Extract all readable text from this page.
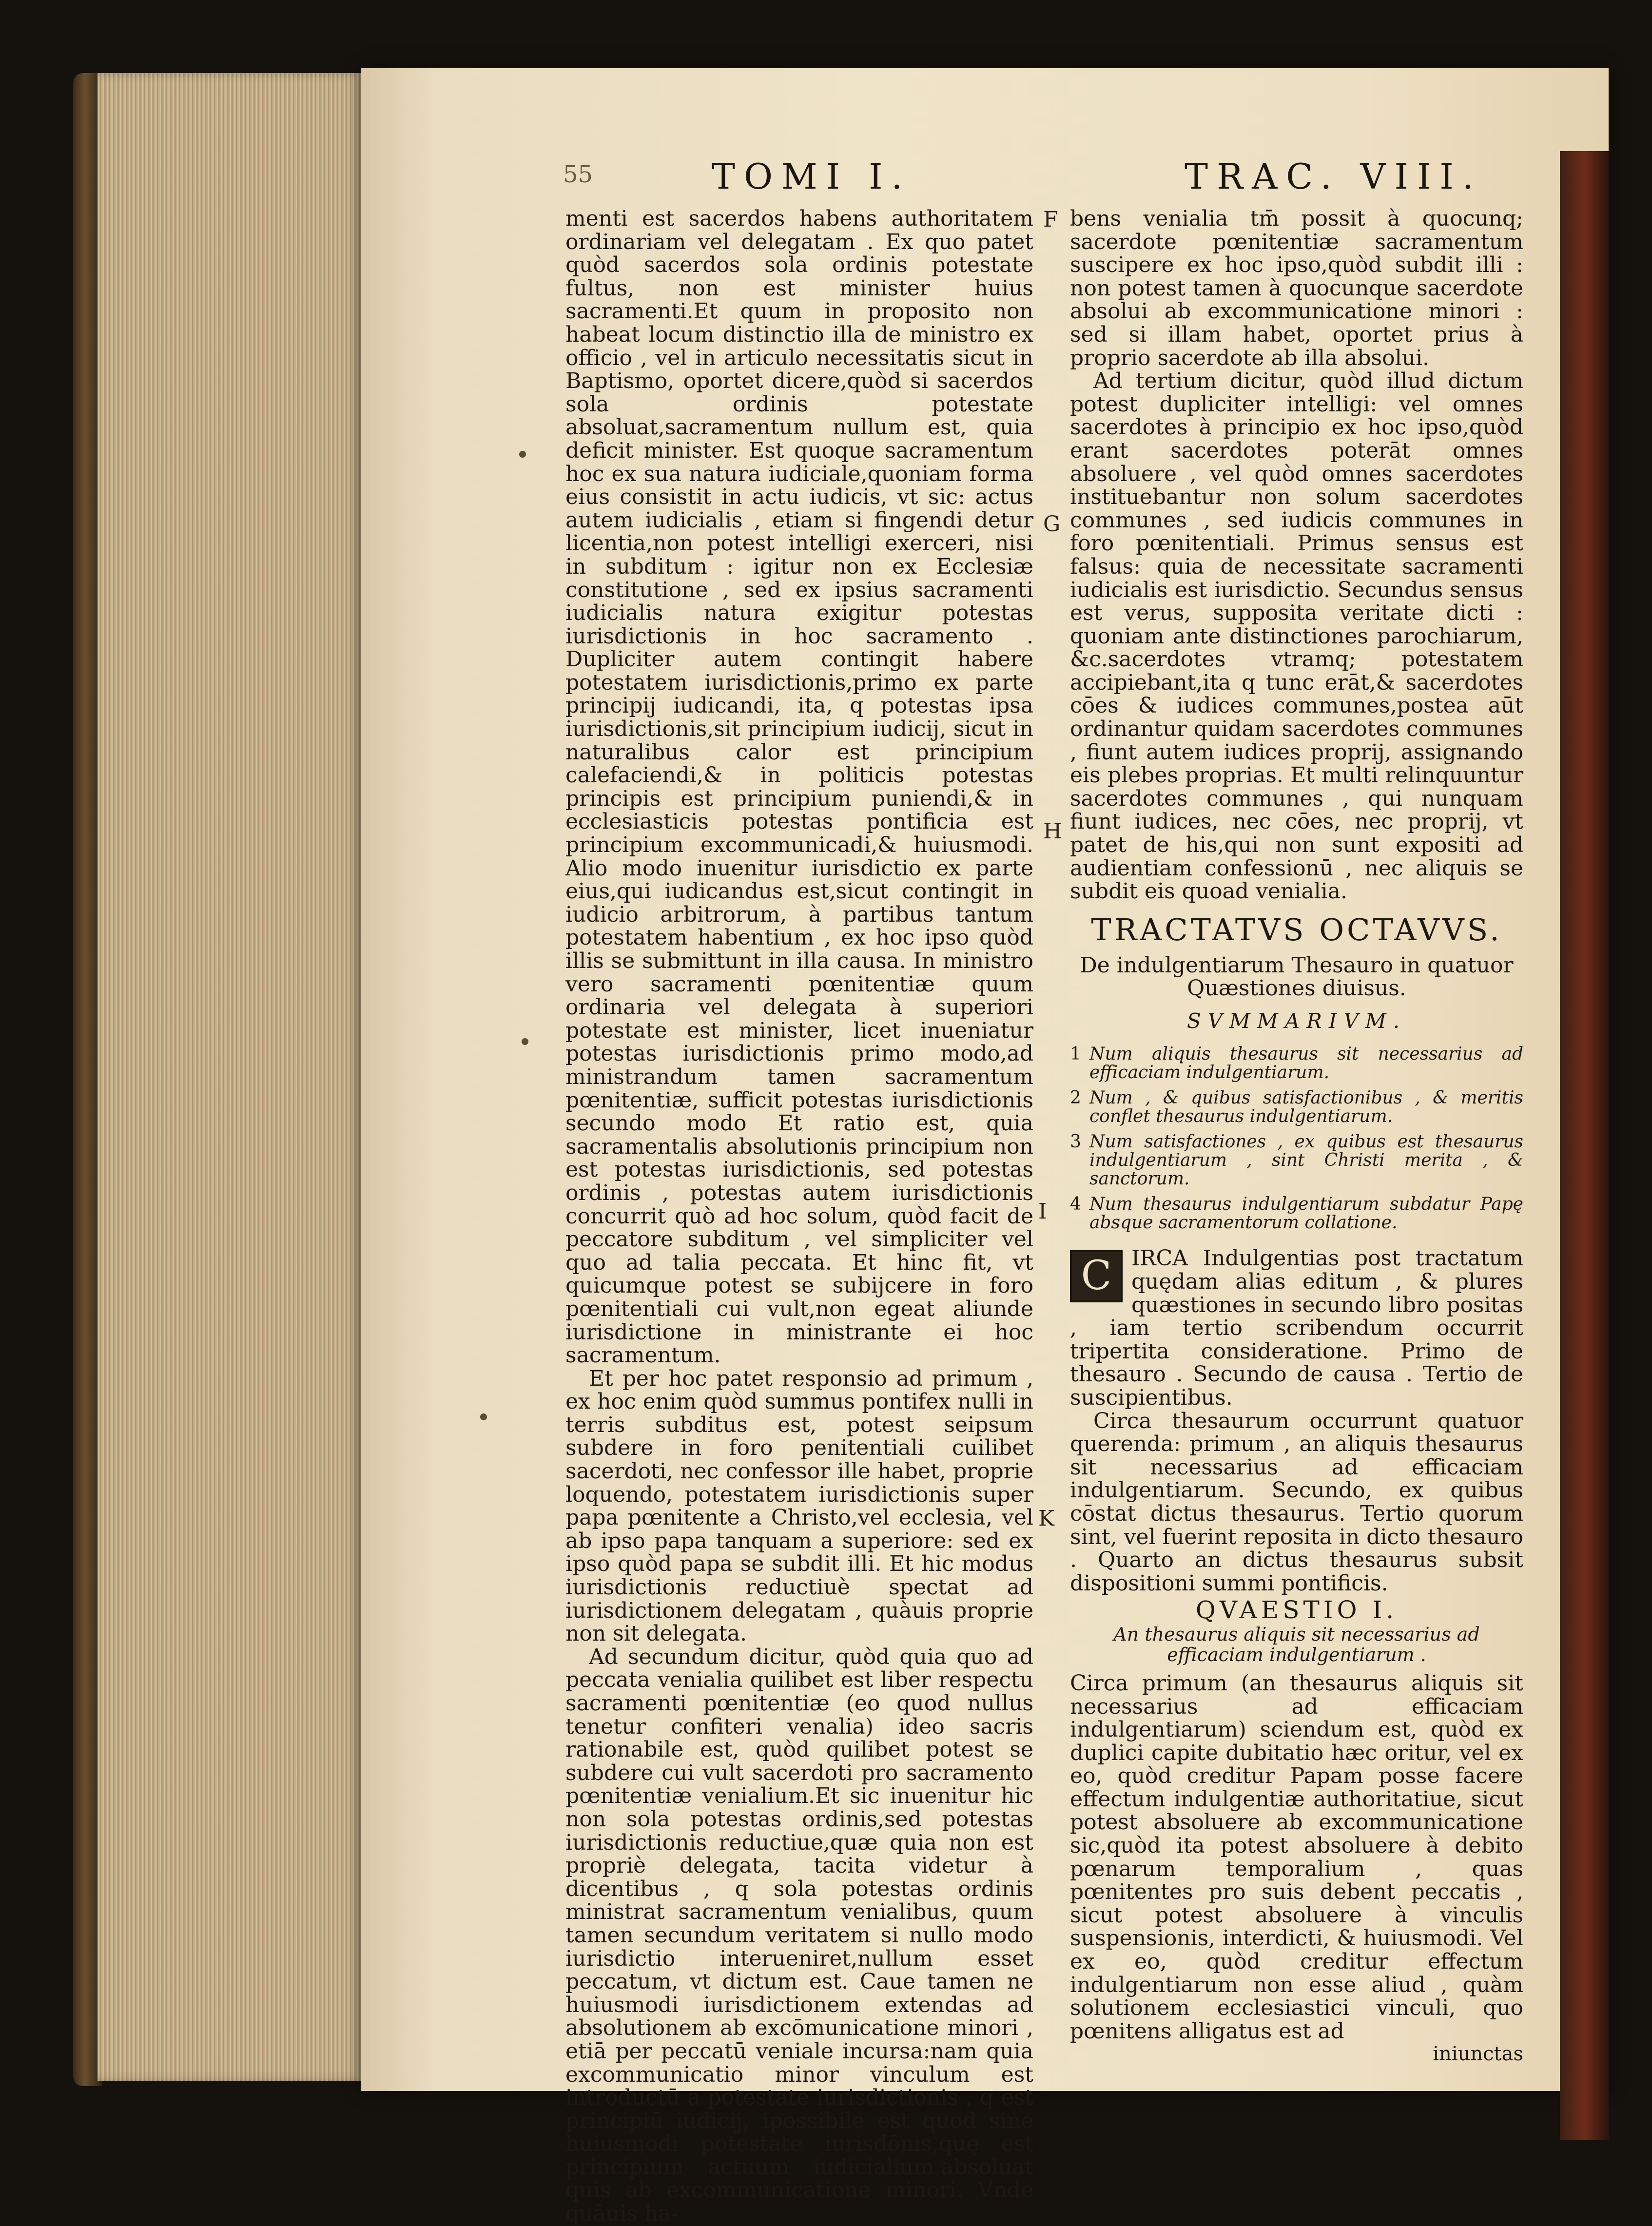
TOMI I.	TRAC. VIII.
55

menti est sacerdos habens authoritatem ordinariam vel delegatam . Ex quo patet quòd sacerdos sola ordinis potestate fultus, non est minister huius sacramenti.Et quum in proposito non habeat locum distinctio illa de ministro ex officio , vel in articulo necessitatis sicut in Baptismo, oportet dicere,quòd si sacerdos sola ordinis potestate absoluat,sacramentum nullum est, quia deficit minister. Est quoque sacramentum hoc ex sua natura iudiciale,quoniam forma eius consistit in actu iudicis, vt sic: actus autem iudicialis , etiam si fingendi detur licentia,non potest intelligi exerceri, nisi in subditum : igitur non ex Ecclesiæ constitutione , sed ex ipsius sacramenti iudicialis natura exigitur potestas iurisdictionis in hoc sacramento . Dupliciter autem contingit habere potestatem iurisdictionis,primo ex parte principij iudicandi, ita, q potestas ipsa iurisdictionis,sit principium iudicij, sicut in naturalibus calor est principium calefaciendi,& in politicis potestas principis est principium puniendi,& in ecclesiasticis potestas pontificia est principium excommunicadi,& huiusmodi. Alio modo inuenitur iurisdictio ex parte eius,qui iudicandus est,sicut contingit in iudicio arbitrorum, à partibus tantum potestatem habentium , ex hoc ipso quòd illis se submittunt in illa causa. In ministro vero sacramenti pœnitentiæ quum ordinaria vel delegata à superiori potestate est minister, licet inueniatur potestas iurisdictionis primo modo,ad ministrandum tamen sacramentum pœnitentiæ, sufficit potestas iurisdictionis secundo modo Et ratio est, quia sacramentalis absolutionis principium non est potestas iurisdictionis, sed potestas ordinis , potestas autem iurisdictionis concurrit quò ad hoc solum, quòd facit de peccatore subditum , vel simpliciter vel quo ad talia peccata. Et hinc fit, vt quicumque potest se subijcere in foro pœnitentiali cui vult,non egeat aliunde iurisdictione in ministrante ei hoc sacramentum.

Et per hoc patet responsio ad primum , ex hoc enim quòd summus pontifex nulli in terris subditus est, potest seipsum subdere in foro penitentiali cuilibet sacerdoti, nec confessor ille habet, proprie loquendo, potestatem iurisdictionis super papa pœnitente a Christo,vel ecclesia, vel ab ipso papa tanquam a superiore: sed ex ipso quòd papa se subdit illi. Et hic modus iurisdictionis reductiuè spectat ad iurisdictionem delegatam , quàuis proprie non sit delegata.

Ad secundum dicitur, quòd quia quo ad peccata venialia quilibet est liber respectu sacramenti pœnitentiæ (eo quod nullus tenetur confiteri venalia) ideo sacris rationabile est, quòd quilibet potest se subdere cui vult sacerdoti pro sacramento pœnitentiæ venialium.Et sic inuenitur hic non sola potestas ordinis,sed potestas iurisdictionis reductiue,quæ quia non est propriè delegata, tacita videtur à dicentibus , q sola potestas ordinis ministrat sacramentum venialibus, quum tamen secundum veritatem si nullo modo iurisdictio interueniret,nullum esset peccatum, vt dictum est. Caue tamen ne huiusmodi iurisdictionem extendas ad absolutionem ab excōmunicatione minori , etiā per peccatū veniale incursa:nam quia excommunicatio minor vinculum est introductū a potestate iurisdictionis , q est principiū iudicij, ipossibile est quod sine huiusmodi potestate iurisdōnis,quę est principium actuum iudicialium,absoluat quis ab excommunicatione minori. Vnde quāuis ha-

F
G
H
I
K

bens venialia tm̄ possit à quocunq; sacerdote pœnitentiæ sacramentum suscipere ex hoc ipso,quòd subdit illi : non potest tamen à quocunque sacerdote absolui ab excommunicatione minori : sed si illam habet, oportet prius à proprio sacerdote ab illa absolui.

Ad tertium dicitur, quòd illud dictum potest dupliciter intelligi: vel omnes sacerdotes à principio ex hoc ipso,quòd erant sacerdotes poterāt omnes absoluere , vel quòd omnes sacerdotes instituebantur non solum sacerdotes communes , sed iudicis communes in foro pœnitentiali. Primus sensus est falsus: quia de necessitate sacramenti iudicialis est iurisdictio. Secundus sensus est verus, supposita veritate dicti : quoniam ante distinctiones parochiarum, &c.sacerdotes vtramq; potestatem accipiebant,ita q tunc erāt,& sacerdotes cōes & iudices communes,postea aūt ordinantur quidam sacerdotes communes , fiunt autem iudices proprij, assignando eis plebes proprias. Et multi relinquuntur sacerdotes communes , qui nunquam fiunt iudices, nec cōes, nec proprij, vt patet de his,qui non sunt expositi ad audientiam confessionū , nec aliquis se subdit eis quoad venialia.

TRACTATVS OCTAVVS.
De indulgentiarum Thesauro in quatuor Quæstiones diuisus.
SVMMARIVM.
1 Num aliquis thesaurus sit necessarius ad efficaciam indulgentiarum.
2 Num , & quibus satisfactionibus , & meritis conflet thesaurus indulgentiarum.
3 Num satisfactiones , ex quibus est thesaurus indulgentiarum , sint Christi merita , & sanctorum.
4 Num thesaurus indulgentiarum subdatur Papę absque sacramentorum collatione.

C IRCA Indulgentias post tractatum quędam alias editum , & plures quæstiones in secundo libro positas , iam tertio scribendum occurrit tripertita consideratione. Primo de thesauro . Secundo de causa . Tertio de suscipientibus.

Circa thesaurum occurrunt quatuor querenda: primum , an aliquis thesaurus sit necessarius ad efficaciam indulgentiarum. Secundo, ex quibus cōstat dictus thesaurus. Tertio quorum sint, vel fuerint reposita in dicto thesauro . Quarto an dictus thesaurus subsit dispositioni summi pontificis.

QVAESTIO I.
An thesaurus aliquis sit necessarius ad efficaciam indulgentiarum .

Circa primum (an thesaurus aliquis sit necessarius ad efficaciam indulgentiarum) sciendum est, quòd ex duplici capite dubitatio hæc oritur, vel ex eo, quòd creditur Papam posse facere effectum indulgentiæ authoritatiue, sicut potest absoluere ab excommunicatione sic,quòd ita potest absoluere à debito pœnarum temporalium , quas pœnitentes pro suis debent peccatis , sicut potest absoluere à vinculis suspensionis, interdicti, & huiusmodi. Vel ex eo, quòd creditur effectum indulgentiarum non esse aliud , quàm solutionem ecclesiastici vinculi, quo pœnitens alligatus est ad

iniunctas
